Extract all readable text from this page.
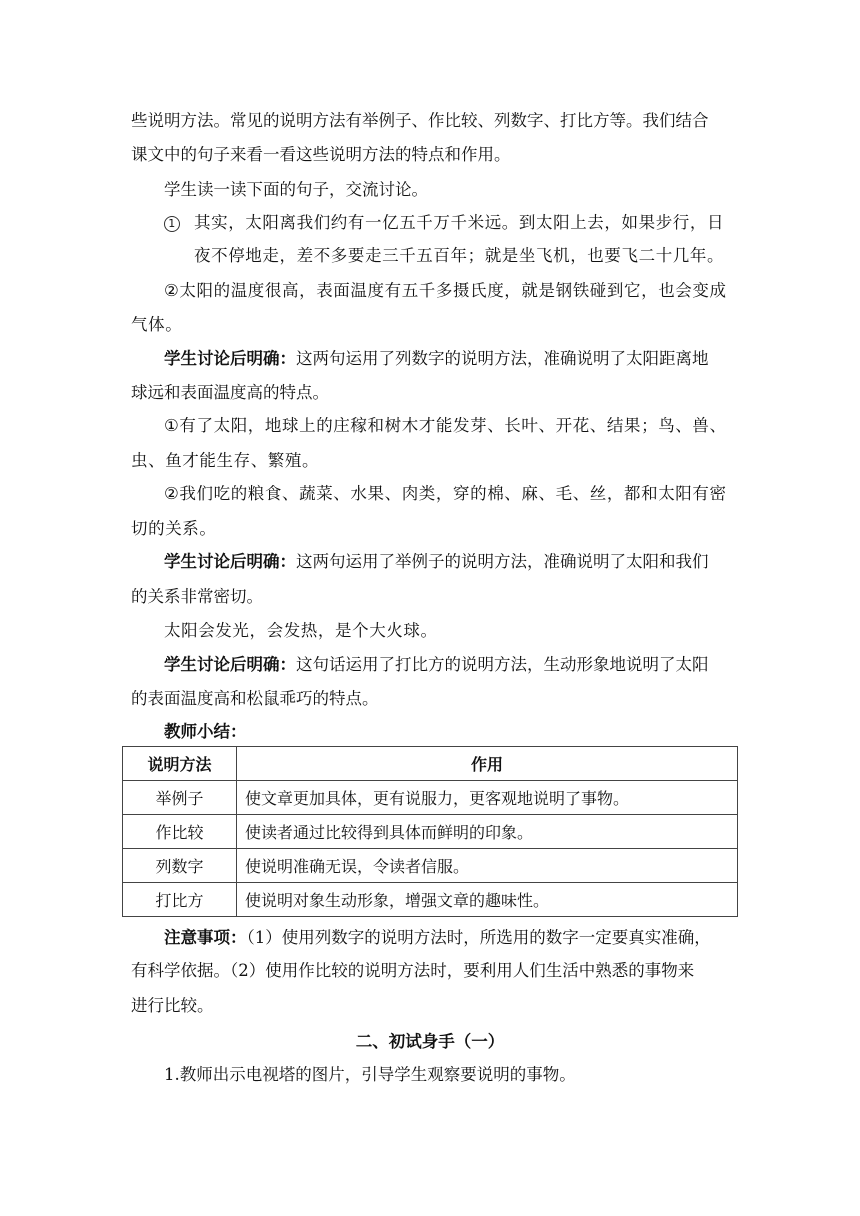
些说明方法。常见的说明方法有举例子、作比较、列数字、打比方等。我们结合
课文中的句子来看一看这些说明方法的特点和作用。
学生读一读下面的句子，交流讨论。
1 其实，太阳离我们约有一亿五千万千米远。到太阳上去，如果步行，日
夜不停地走，差不多要走三千五百年；就是坐飞机，也要飞二十几年。
②太阳的温度很高，表面温度有五千多摄氏度，就是钢铁碰到它，也会变成
气体。
学生讨论后明确：这两句运用了列数字的说明方法，准确说明了太阳距离地
球远和表面温度高的特点。
①有了太阳，地球上的庄稼和树木才能发芽、长叶、开花、结果；鸟、兽、
虫、鱼才能生存、繁殖。
②我们吃的粮食、蔬菜、水果、肉类，穿的棉、麻、毛、丝，都和太阳有密
切的关系。
学生讨论后明确：这两句运用了举例子的说明方法，准确说明了太阳和我们
的关系非常密切。
太阳会发光，会发热，是个大火球。
学生讨论后明确：这句话运用了打比方的说明方法，生动形象地说明了太阳
的表面温度高和松鼠乖巧的特点。
教师小结：
说明方法	作用
举例子	使文章更加具体，更有说服力，更客观地说明了事物。
作比较	使读者通过比较得到具体而鲜明的印象。
列数字	使说明准确无误，令读者信服。
打比方	使说明对象生动形象，增强文章的趣味性。
注意事项：（1）使用列数字的说明方法时，所选用的数字一定要真实准确，
有科学依据。（2）使用作比较的说明方法时，要利用人们生活中熟悉的事物来
进行比较。
二、初试身手（一）
1.教师出示电视塔的图片，引导学生观察要说明的事物。
